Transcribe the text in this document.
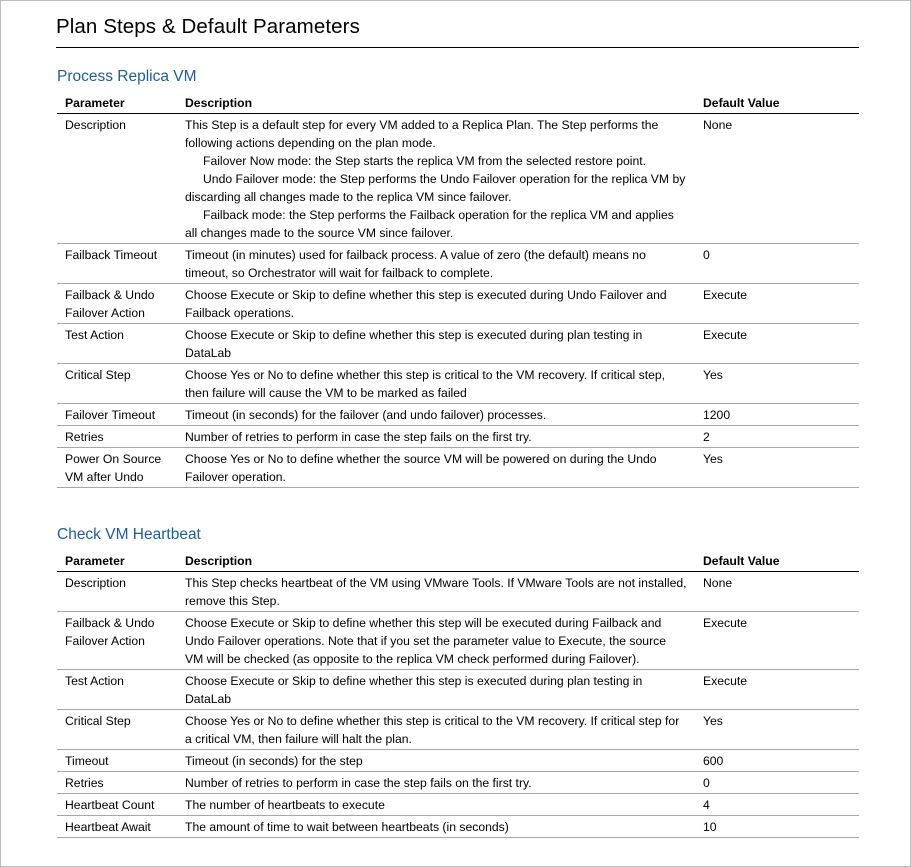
Plan Steps & Default Parameters
Process Replica VM
Parameter	Description	Default Value
Description	This Step is a default step for every VM added to a Replica Plan. The Step performs the following actions depending on the plan mode.
Failover Now mode: the Step starts the replica VM from the selected restore point.
Undo Failover mode: the Step performs the Undo Failover operation for the replica VM by discarding all changes made to the replica VM since failover.
Failback mode: the Step performs the Failback operation for the replica VM and applies all changes made to the source VM since failover.	None
Failback Timeout	Timeout (in minutes) used for failback process. A value of zero (the default) means no timeout, so Orchestrator will wait for failback to complete.	0
Failback & Undo Failover Action	Choose Execute or Skip to define whether this step is executed during Undo Failover and Failback operations.	Execute
Test Action	Choose Execute or Skip to define whether this step is executed during plan testing in DataLab	Execute
Critical Step	Choose Yes or No to define whether this step is critical to the VM recovery. If critical step, then failure will cause the VM to be marked as failed	Yes
Failover Timeout	Timeout (in seconds) for the failover (and undo failover) processes.	1200
Retries	Number of retries to perform in case the step fails on the first try.	2
Power On Source VM after Undo	Choose Yes or No to define whether the source VM will be powered on during the Undo Failover operation.	Yes
Check VM Heartbeat
Parameter	Description	Default Value
Description	This Step checks heartbeat of the VM using VMware Tools. If VMware Tools are not installed, remove this Step.	None
Failback & Undo Failover Action	Choose Execute or Skip to define whether this step will be executed during Failback and Undo Failover operations. Note that if you set the parameter value to Execute, the source VM will be checked (as opposite to the replica VM check performed during Failover).	Execute
Test Action	Choose Execute or Skip to define whether this step is executed during plan testing in DataLab	Execute
Critical Step	Choose Yes or No to define whether this step is critical to the VM recovery. If critical step for a critical VM, then failure will halt the plan.	Yes
Timeout	Timeout (in seconds) for the step	600
Retries	Number of retries to perform in case the step fails on the first try.	0
Heartbeat Count	The number of heartbeats to execute	4
Heartbeat Await	The amount of time to wait between heartbeats (in seconds)	10
